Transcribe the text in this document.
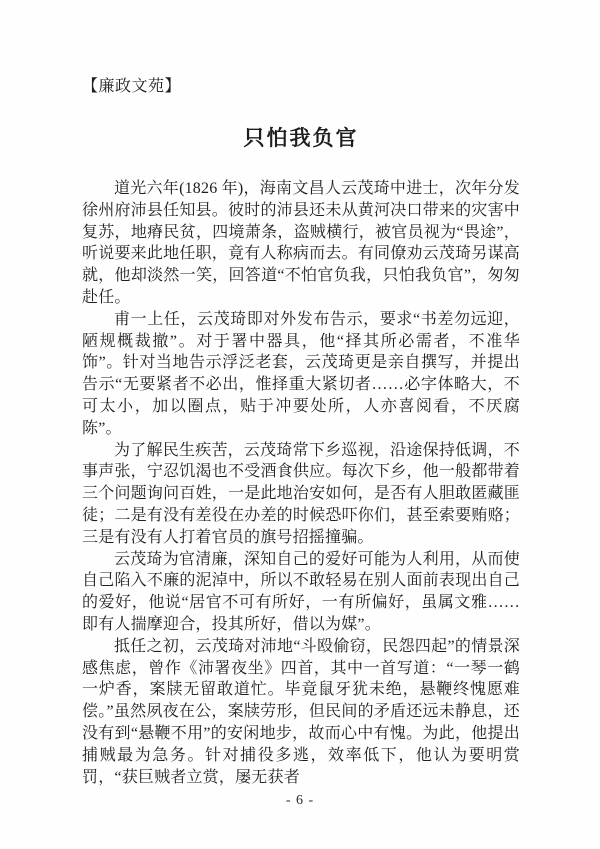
【廉政文苑】
只怕我负官

道光六年(1826 年)，海南文昌人云茂琦中进士，次年分发徐州府沛县任知县。彼时的沛县还未从黄河决口带来的灾害中复苏，地瘠民贫，四境萧条，盗贼横行，被官员视为“畏途”，听说要来此地任职，竟有人称病而去。有同僚劝云茂琦另谋高就，他却淡然一笑，回答道“不怕官负我，只怕我负官”，匆匆赴任。

甫一上任，云茂琦即对外发布告示，要求“书差勿远迎，陋规概裁撤”。对于署中器具，他“择其所必需者，不准华饰”。针对当地告示浮泛老套，云茂琦更是亲自撰写，并提出告示“无要紧者不必出，惟择重大紧切者……必字体略大，不可太小，加以圈点，贴于冲要处所，人亦喜阅看，不厌腐陈”。

为了解民生疾苦，云茂琦常下乡巡视，沿途保持低调，不事声张，宁忍饥渴也不受酒食供应。每次下乡，他一般都带着三个问题询问百姓，一是此地治安如何，是否有人胆敢匿藏匪徒；二是有没有差役在办差的时候恐吓你们，甚至索要贿赂；三是有没有人打着官员的旗号招摇撞骗。

云茂琦为官清廉，深知自己的爱好可能为人利用，从而使自己陷入不廉的泥淖中，所以不敢轻易在别人面前表现出自己的爱好，他说“居官不可有所好，一有所偏好，虽属文雅……即有人揣摩迎合，投其所好，借以为媒”。

抵任之初，云茂琦对沛地“斗殴偷窃，民怨四起”的情景深感焦虑，曾作《沛署夜坐》四首，其中一首写道：“一琴一鹤一炉香，案牍无留敢道忙。毕竟鼠牙犹未绝，悬鞭终愧愿难偿。”虽然夙夜在公，案牍劳形，但民间的矛盾还远未静息，还没有到“悬鞭不用”的安闲地步，故而心中有愧。为此，他提出捕贼最为急务。针对捕役多逃，效率低下，他认为要明赏罚，“获巨贼者立赏，屡无获者

- 6 -
